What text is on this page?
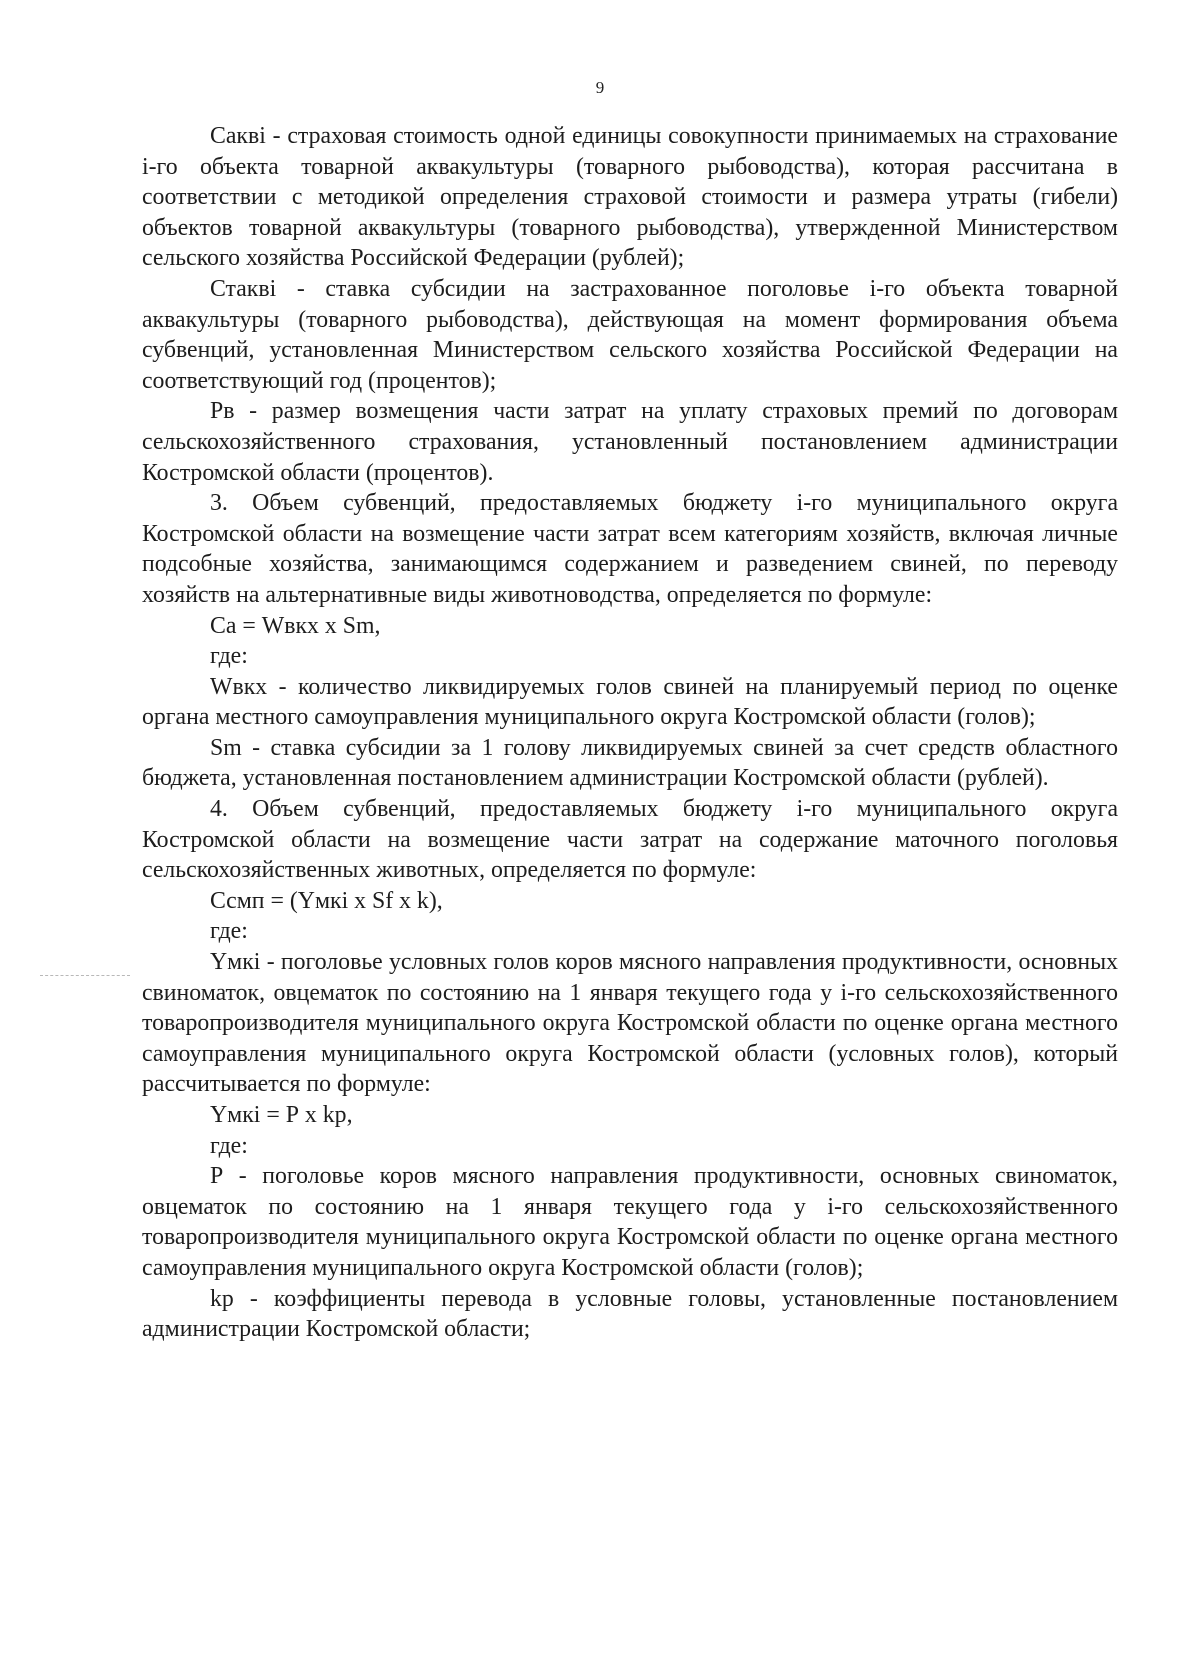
9

Сакві - страховая стоимость одной единицы совокупности принимаемых на страхование і-го объекта товарной аквакультуры (товарного рыбоводства), которая рассчитана в соответствии с методикой определения страховой стоимости и размера утраты (гибели) объектов товарной аквакультуры (товарного рыбоводства), утвержденной Министерством сельского хозяйства Российской Федерации (рублей);

Стакві - ставка субсидии на застрахованное поголовье і-го объекта товарной аквакультуры (товарного рыбоводства), действующая на момент формирования объема субвенций, установленная Министерством сельского хозяйства Российской Федерации на соответствующий год (процентов);

Рв - размер возмещения части затрат на уплату страховых премий по договорам сельскохозяйственного страхования, установленный постановлением администрации Костромской области (процентов).

3. Объем субвенций, предоставляемых бюджету і-го муниципального округа Костромской области на возмещение части затрат всем категориям хозяйств, включая личные подсобные хозяйства, занимающимся содержанием и разведением свиней, по переводу хозяйств на альтернативные виды животноводства, определяется по формуле:

Са = Wвкх х Sm,

где:

Wвкх - количество ликвидируемых голов свиней на планируемый период по оценке органа местного самоуправления муниципального округа Костромской области (голов);

Sm - ставка субсидии за 1 голову ликвидируемых свиней за счет средств областного бюджета, установленная постановлением администрации Костромской области (рублей).

4. Объем субвенций, предоставляемых бюджету і-го муниципального округа Костромской области на возмещение части затрат на содержание маточного поголовья сельскохозяйственных животных, определяется по формуле:

Ссмп = (Yмкі х Sf х k),

где:

Yмкі - поголовье условных голов коров мясного направления продуктивности, основных свиноматок, овцематок по состоянию на 1 января текущего года у і-го сельскохозяйственного товаропроизводителя муниципального округа Костромской области по оценке органа местного самоуправления муниципального округа Костромской области (условных голов), который рассчитывается по формуле:

Yмкі = Р х kр,

где:

Р - поголовье коров мясного направления продуктивности, основных свиноматок, овцематок по состоянию на 1 января текущего года у і-го сельскохозяйственного товаропроизводителя муниципального округа Костромской области по оценке органа местного самоуправления муниципального округа Костромской области (голов);

kр - коэффициенты перевода в условные головы, установленные постановлением администрации Костромской области;
